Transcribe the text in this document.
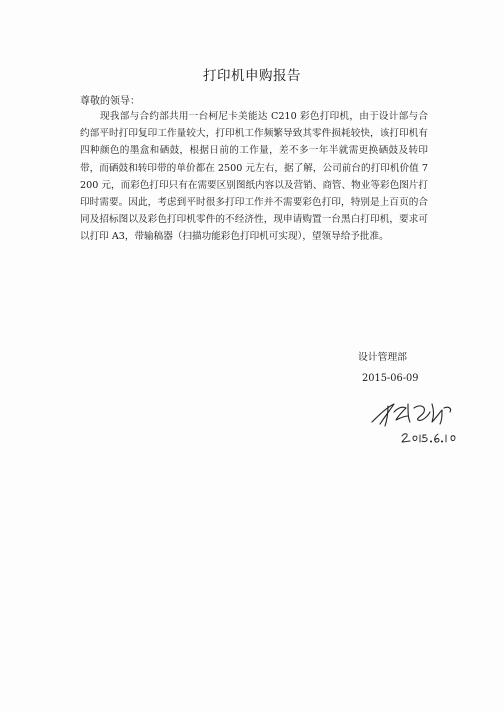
打印机申购报告
尊敬的领导：
现我部与合约部共用一台柯尼卡美能达 C210 彩色打印机，由于设计部与合约部平时打印复印工作量较大，打印机工作频繁导致其零件损耗较快，该打印机有四种颜色的墨盒和硒鼓，根据日前的工作量，差不多一年半就需更换硒鼓及转印带，而硒鼓和转印带的单价都在 2500 元左右，据了解，公司前台的打印机价值 7200 元，而彩色打印只有在需要区别图纸内容以及营销、商管、物业等彩色图片打印时需要。因此，考虑到平时很多打印工作并不需要彩色打印，特别是上百页的合同及招标图以及彩色打印机零件的不经济性，现申请购置一台黑白打印机，要求可以打印 A3，带输稿器（扫描功能彩色打印机可实现），望领导给予批准。
设计管理部
2015-06-09
